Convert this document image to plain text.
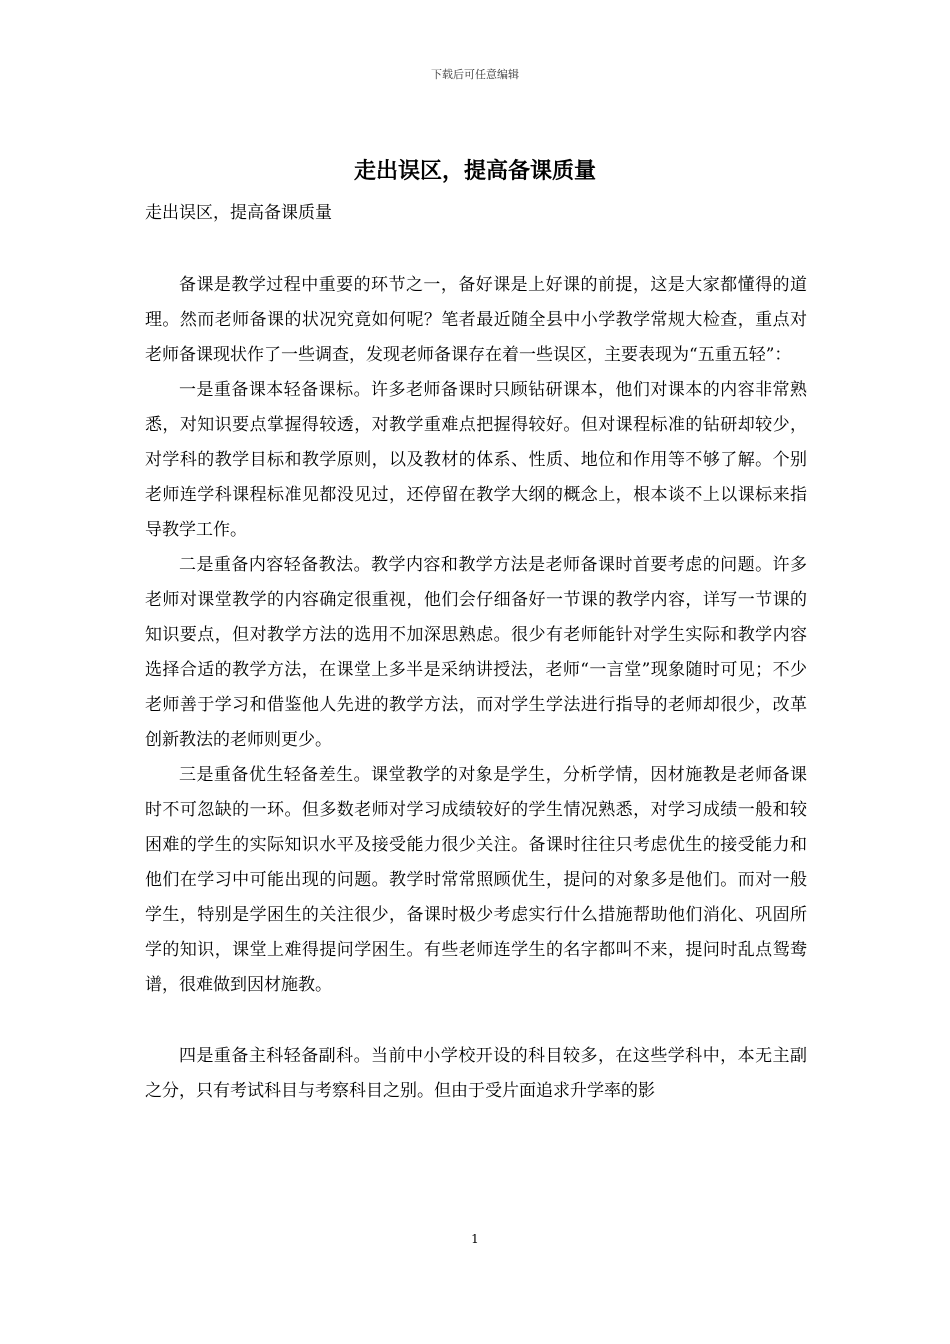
下载后可任意编辑
走出误区，提高备课质量

走出误区，提高备课质量

备课是教学过程中重要的环节之一，备好课是上好课的前提，这是大家都懂得的道理。然而老师备课的状况究竟如何呢？笔者最近随全县中小学教学常规大检查，重点对老师备课现状作了一些调查，发现老师备课存在着一些误区，主要表现为“五重五轻”：

一是重备课本轻备课标。许多老师备课时只顾钻研课本，他们对课本的内容非常熟悉，对知识要点掌握得较透，对教学重难点把握得较好。但对课程标准的钻研却较少，对学科的教学目标和教学原则，以及教材的体系、性质、地位和作用等不够了解。个别老师连学科课程标准见都没见过，还停留在教学大纲的概念上，根本谈不上以课标来指导教学工作。

二是重备内容轻备教法。教学内容和教学方法是老师备课时首要考虑的问题。许多老师对课堂教学的内容确定很重视，他们会仔细备好一节课的教学内容，详写一节课的知识要点，但对教学方法的选用不加深思熟虑。很少有老师能针对学生实际和教学内容选择合适的教学方法，在课堂上多半是采纳讲授法，老师“一言堂”现象随时可见；不少老师善于学习和借鉴他人先进的教学方法，而对学生学法进行指导的老师却很少，改革创新教法的老师则更少。

三是重备优生轻备差生。课堂教学的对象是学生，分析学情，因材施教是老师备课时不可忽缺的一环。但多数老师对学习成绩较好的学生情况熟悉，对学习成绩一般和较困难的学生的实际知识水平及接受能力很少关注。备课时往往只考虑优生的接受能力和他们在学习中可能出现的问题。教学时常常照顾优生，提问的对象多是他们。而对一般学生，特别是学困生的关注很少，备课时极少考虑实行什么措施帮助他们消化、巩固所学的知识，课堂上难得提问学困生。有些老师连学生的名字都叫不来，提问时乱点鸳鸯谱，很难做到因材施教。

四是重备主科轻备副科。当前中小学校开设的科目较多，在这些学科中，本无主副之分，只有考试科目与考察科目之别。但由于受片面追求升学率的影

1
